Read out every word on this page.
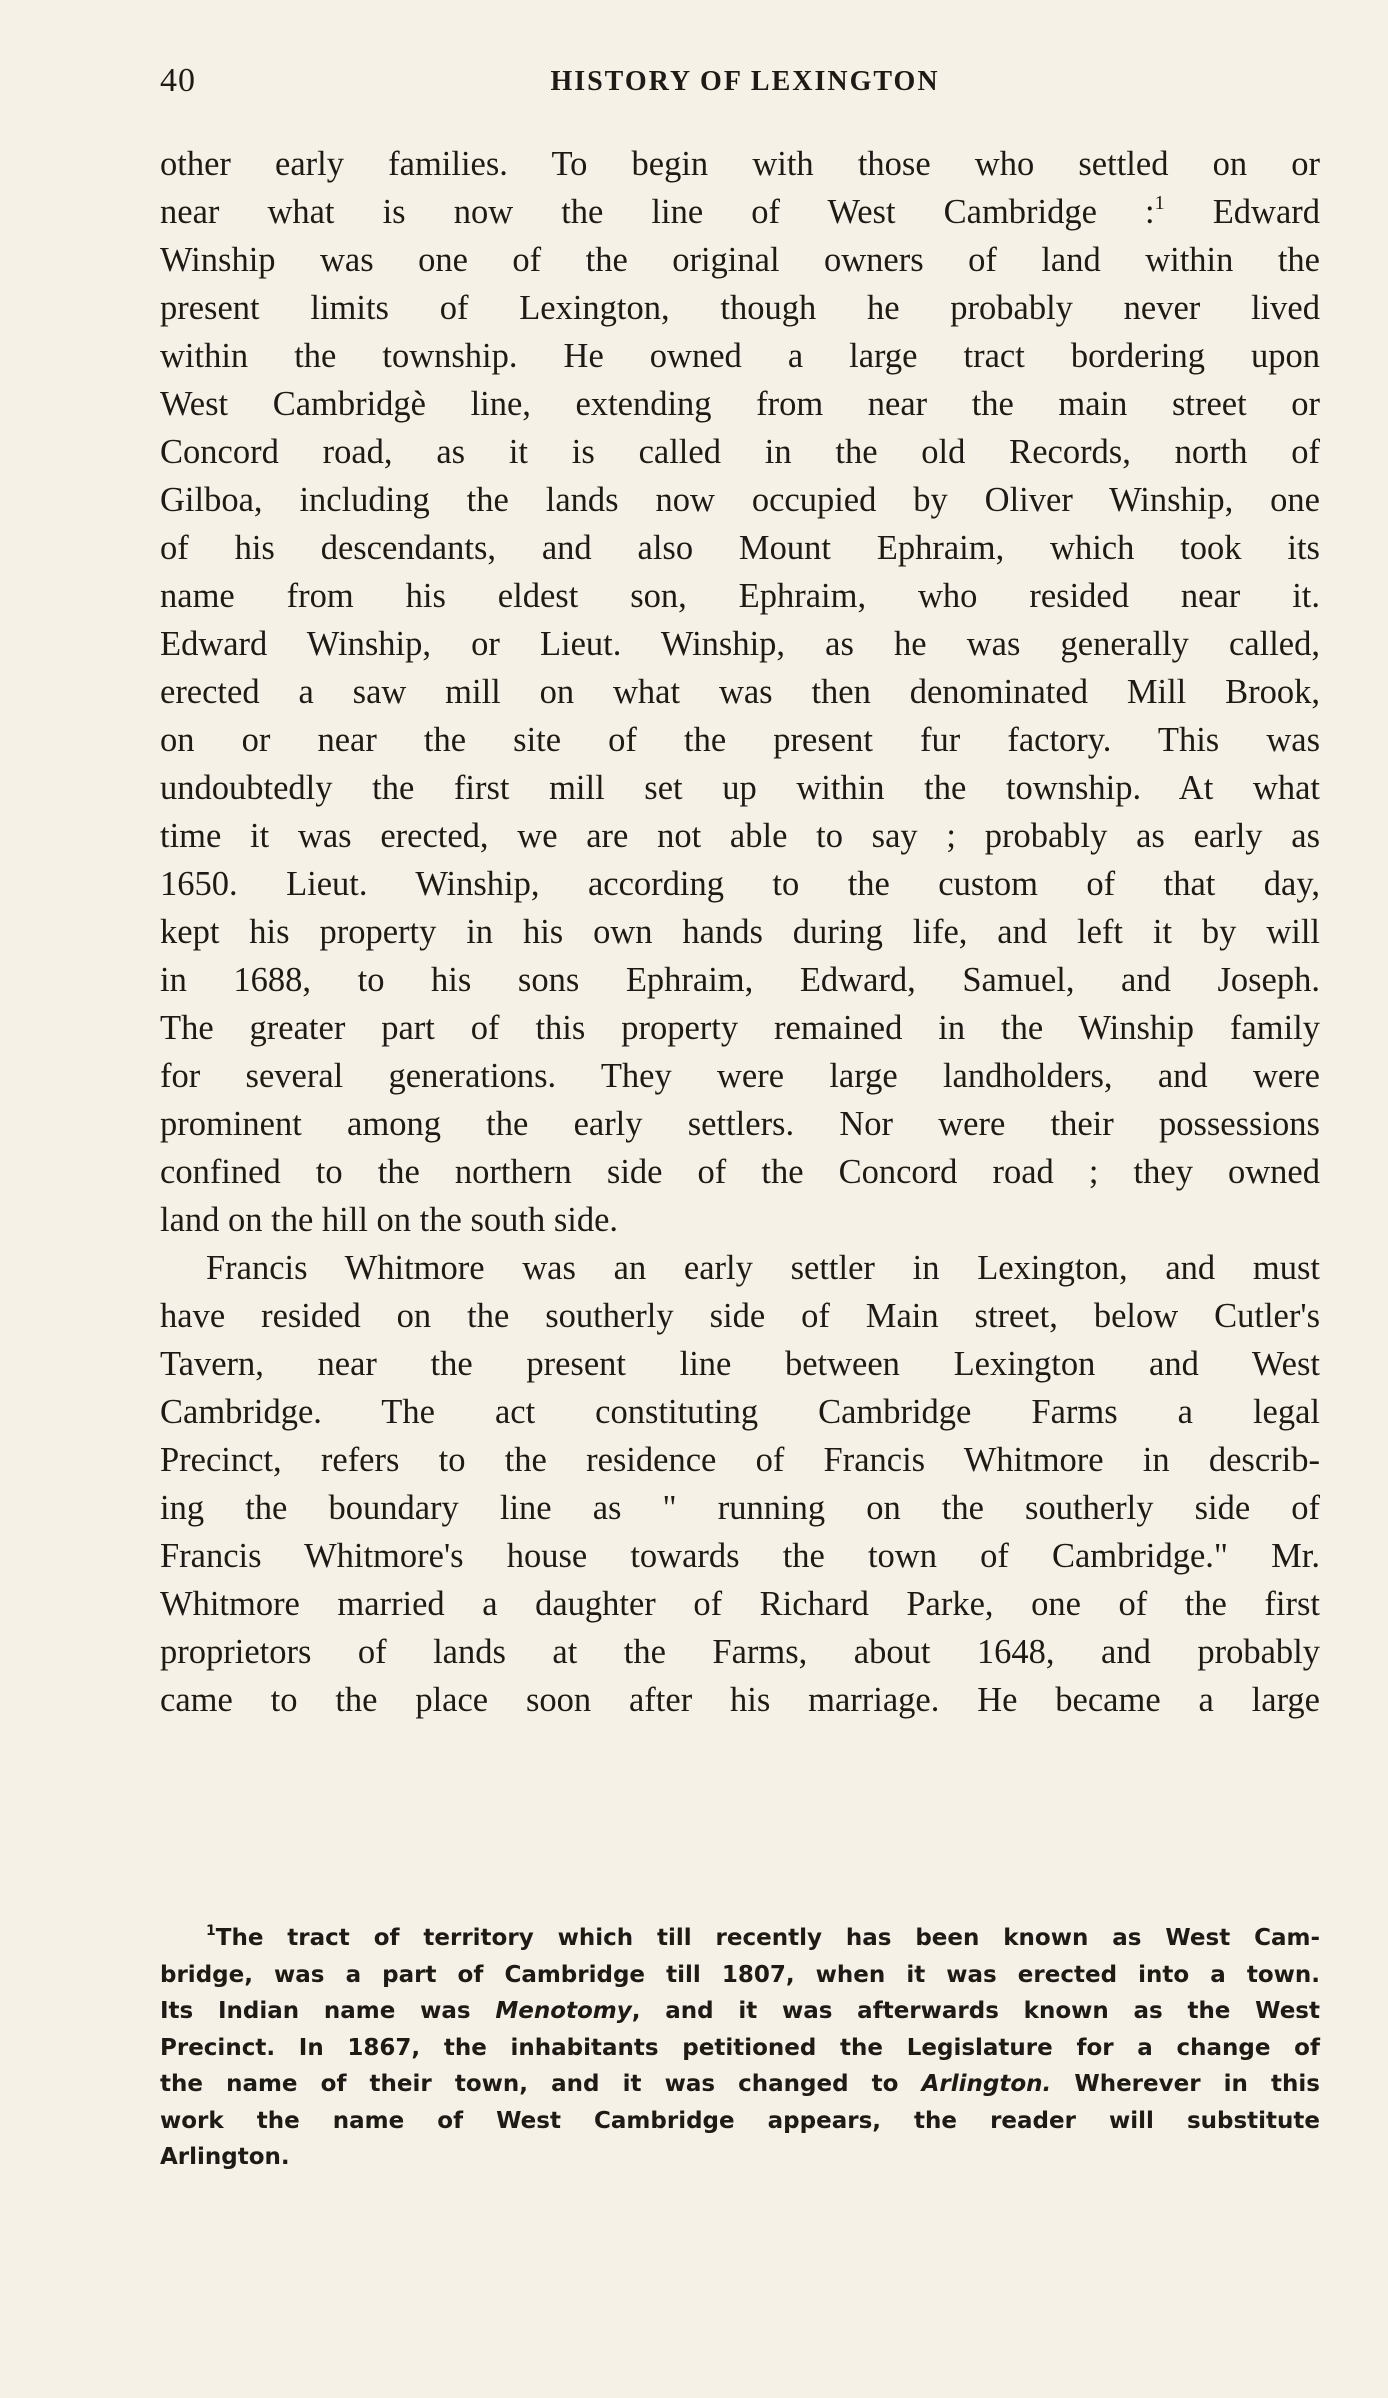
40	HISTORY OF LEXINGTON
other early families. To begin with those who settled on or
near what is now the line of West Cambridge :$^1$ Edward
Winship was one of the original owners of land within the
present limits of Lexington, though he probably never lived
within the township. He owned a large tract bordering upon
West Cambridgè line, extending from near the main street or
Concord road, as it is called in the old Records, north of
Gilboa, including the lands now occupied by Oliver Winship, one
of his descendants, and also Mount Ephraim, which took its
name from his eldest son, Ephraim, who resided near it.
Edward Winship, or Lieut. Winship, as he was generally called,
erected a saw mill on what was then denominated Mill Brook,
on or near the site of the present fur factory. This was
undoubtedly the first mill set up within the township. At what
time it was erected, we are not able to say ; probably as early as
1650. Lieut. Winship, according to the custom of that day,
kept his property in his own hands during life, and left it by will
in 1688, to his sons Ephraim, Edward, Samuel, and Joseph.
The greater part of this property remained in the Winship family
for several generations. They were large landholders, and were
prominent among the early settlers. Nor were their possessions
confined to the northern side of the Concord road ; they owned
land on the hill on the south side.
Francis Whitmore was an early settler in Lexington, and must
have resided on the southerly side of Main street, below Cutler's
Tavern, near the present line between Lexington and West
Cambridge. The act constituting Cambridge Farms a legal
Precinct, refers to the residence of Francis Whitmore in describ-
ing the boundary line as " running on the southerly side of
Francis Whitmore's house towards the town of Cambridge." Mr.
Whitmore married a daughter of Richard Parke, one of the first
proprietors of lands at the Farms, about 1648, and probably
came to the place soon after his marriage. He became a large
$^1$The tract of territory which till recently has been known as West Cam-
bridge, was a part of Cambridge till 1807, when it was erected into a town.
Its Indian name was Menotomy, and it was afterwards known as the West
Precinct. In 1867, the inhabitants petitioned the Legislature for a change of
the name of their town, and it was changed to Arlington. Wherever in this
work the name of West Cambridge appears, the reader will substitute
Arlington.
